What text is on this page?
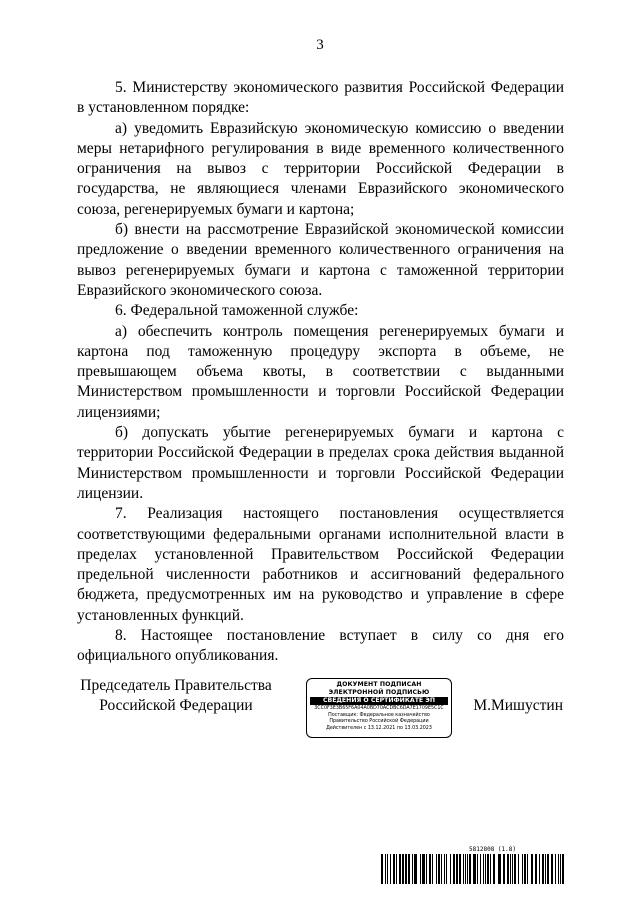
3

5. Министерству экономического развития Российской Федерации в установленном порядке:

а) уведомить Евразийскую экономическую комиссию о введении меры нетарифного регулирования в виде временного количественного ограничения на вывоз с территории Российской Федерации в государства, не являющиеся членами Евразийского экономического союза, регенерируемых бумаги и картона;

б) внести на рассмотрение Евразийской экономической комиссии предложение о введении временного количественного ограничения на вывоз регенерируемых бумаги и картона с таможенной территории Евразийского экономического союза.

6. Федеральной таможенной службе:

а) обеспечить контроль помещения регенерируемых бумаги и картона под таможенную процедуру экспорта в объеме, не превышающем объема квоты, в соответствии с выданными Министерством промышленности и торговли Российской Федерации лицензиями;

б) допускать убытие регенерируемых бумаги и картона с территории Российской Федерации в пределах срока действия выданной Министерством промышленности и торговли Российской Федерации лицензии.

7. Реализация настоящего постановления осуществляется соответствующими федеральными органами исполнительной власти в пределах установленной Правительством Российской Федерации предельной численности работников и ассигнований федерального бюджета, предусмотренных им на руководство и управление в сфере установленных функций.

8. Настоящее постановление вступает в силу со дня его официального опубликования.

Председатель Правительства
Российской Федерации
ДОКУМЕНТ ПОДПИСАН
ЭЛЕКТРОННОЙ ПОДПИСЬЮ
СВЕДЕНИЯ О СЕРТИФИКАТЕ ЭП
3CC0F3E3B65F6A04A0BD70ACDBC6DA7E1709E5C1C
Поставщик: Федеральное казначейство
Правительство Российской Федерации
Действителен с 13.12.2021 по 13.03.2023
М.Мишустин
5812808 (1.8)
